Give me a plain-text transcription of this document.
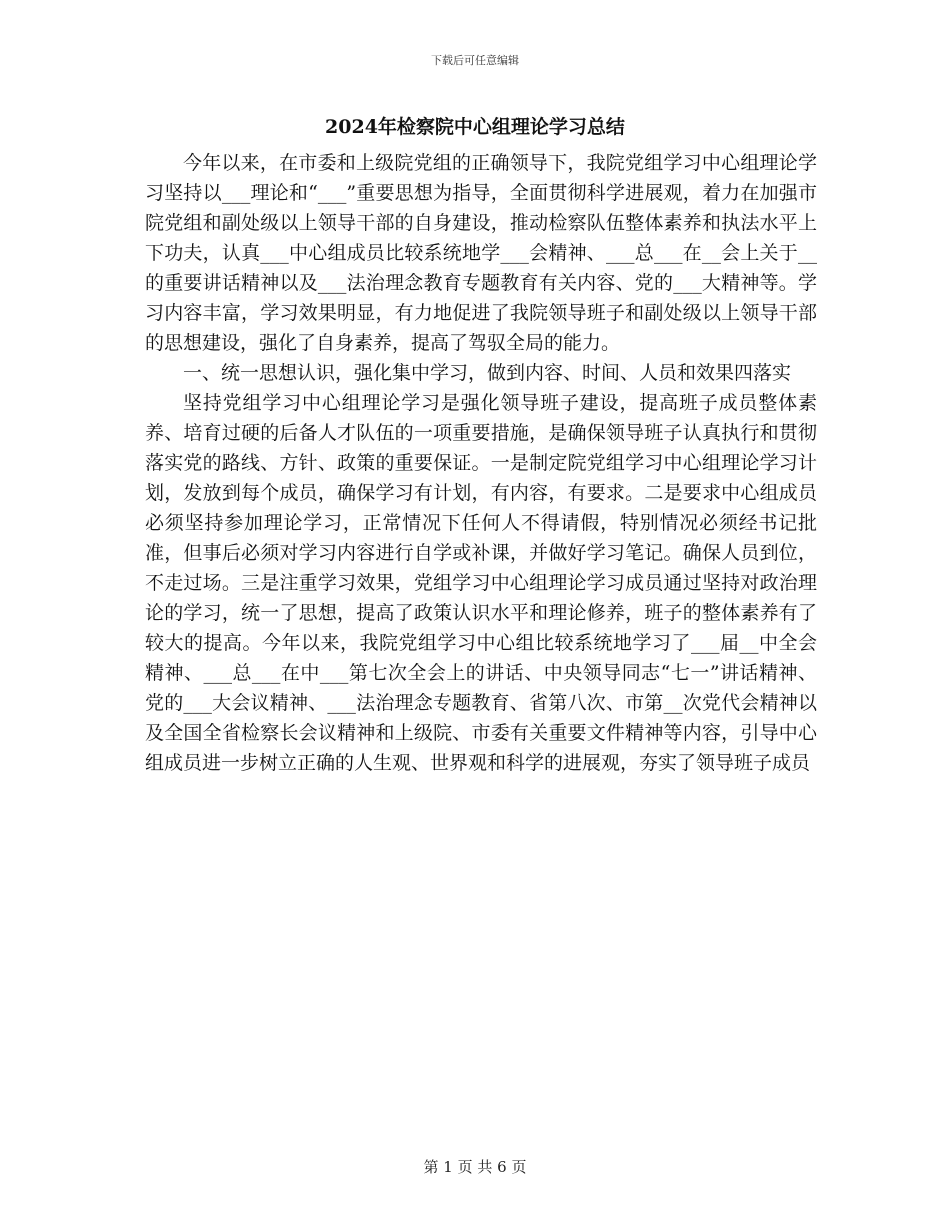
下载后可任意编辑
2024年检察院中心组理论学习总结

今年以来，在市委和上级院党组的正确领导下，我院党组学习中心组理论学习坚持以___理论和“___”重要思想为指导，全面贯彻科学进展观，着力在加强市院党组和副处级以上领导干部的自身建设，推动检察队伍整体素养和执法水平上下功夫，认真___中心组成员比较系统地学___会精神、___总___在__会上关于__的重要讲话精神以及___法治理念教育专题教育有关内容、党的___大精神等。学习内容丰富，学习效果明显，有力地促进了我院领导班子和副处级以上领导干部的思想建设，强化了自身素养，提高了驾驭全局的能力。

一、统一思想认识，强化集中学习，做到内容、时间、人员和效果四落实

坚持党组学习中心组理论学习是强化领导班子建设，提高班子成员整体素养、培育过硬的后备人才队伍的一项重要措施，是确保领导班子认真执行和贯彻落实党的路线、方针、政策的重要保证。一是制定院党组学习中心组理论学习计划，发放到每个成员，确保学习有计划，有内容，有要求。二是要求中心组成员必须坚持参加理论学习，正常情况下任何人不得请假，特别情况必须经书记批准，但事后必须对学习内容进行自学或补课，并做好学习笔记。确保人员到位，不走过场。三是注重学习效果，党组学习中心组理论学习成员通过坚持对政治理论的学习，统一了思想，提高了政策认识水平和理论修养，班子的整体素养有了较大的提高。今年以来，我院党组学习中心组比较系统地学习了___届__中全会精神、___总___在中___第七次全会上的讲话、中央领导同志“七一”讲话精神、党的___大会议精神、___法治理念专题教育、省第八次、市第__次党代会精神以及全国全省检察长会议精神和上级院、市委有关重要文件精神等内容，引导中心组成员进一步树立正确的人生观、世界观和科学的进展观，夯实了领导班子成员

第 1 页 共 6 页
